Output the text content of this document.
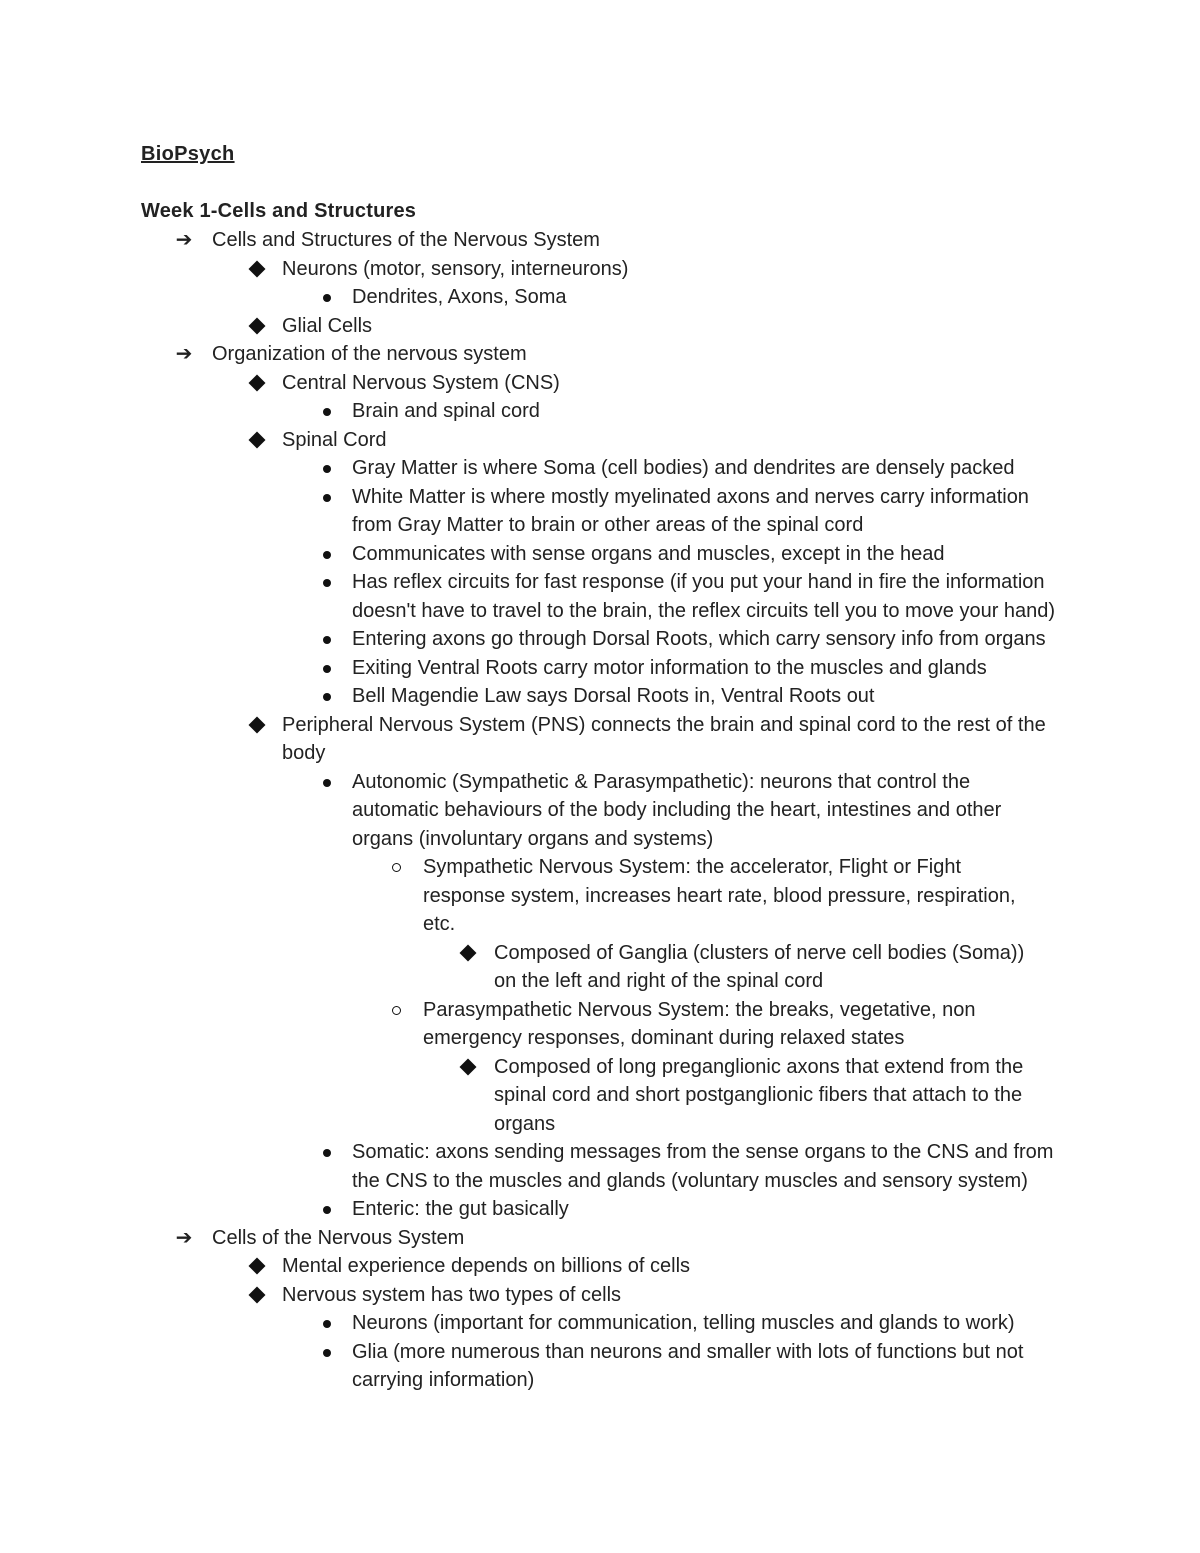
BioPsych
Week 1-Cells and Structures
➔ Cells and Structures of the Nervous System
Neurons (motor, sensory, interneurons)
Dendrites, Axons, Soma
Glial Cells
➔ Organization of the nervous system
Central Nervous System (CNS)
Brain and spinal cord
Spinal Cord
Gray Matter is where Soma (cell bodies) and dendrites are densely packed
White Matter is where mostly myelinated axons and nerves carry information from Gray Matter to brain or other areas of the spinal cord
Communicates with sense organs and muscles, except in the head
Has reflex circuits for fast response (if you put your hand in fire the information doesn't have to travel to the brain, the reflex circuits tell you to move your hand)
Entering axons go through Dorsal Roots, which carry sensory info from organs
Exiting Ventral Roots carry motor information to the muscles and glands
Bell Magendie Law says Dorsal Roots in, Ventral Roots out
Peripheral Nervous System (PNS) connects the brain and spinal cord to the rest of the body
Autonomic (Sympathetic & Parasympathetic): neurons that control the automatic behaviours of the body including the heart, intestines and other organs (involuntary organs and systems)
Sympathetic Nervous System: the accelerator, Flight or Fight response system, increases heart rate, blood pressure, respiration, etc.
Composed of Ganglia (clusters of nerve cell bodies (Soma)) on the left and right of the spinal cord
Parasympathetic Nervous System: the breaks, vegetative, non emergency responses, dominant during relaxed states
Composed of long preganglionic axons that extend from the spinal cord and short postganglionic fibers that attach to the organs
Somatic: axons sending messages from the sense organs to the CNS and from the CNS to the muscles and glands (voluntary muscles and sensory system)
Enteric: the gut basically
➔ Cells of the Nervous System
Mental experience depends on billions of cells
Nervous system has two types of cells
Neurons (important for communication, telling muscles and glands to work)
Glia (more numerous than neurons and smaller with lots of functions but not carrying information)
